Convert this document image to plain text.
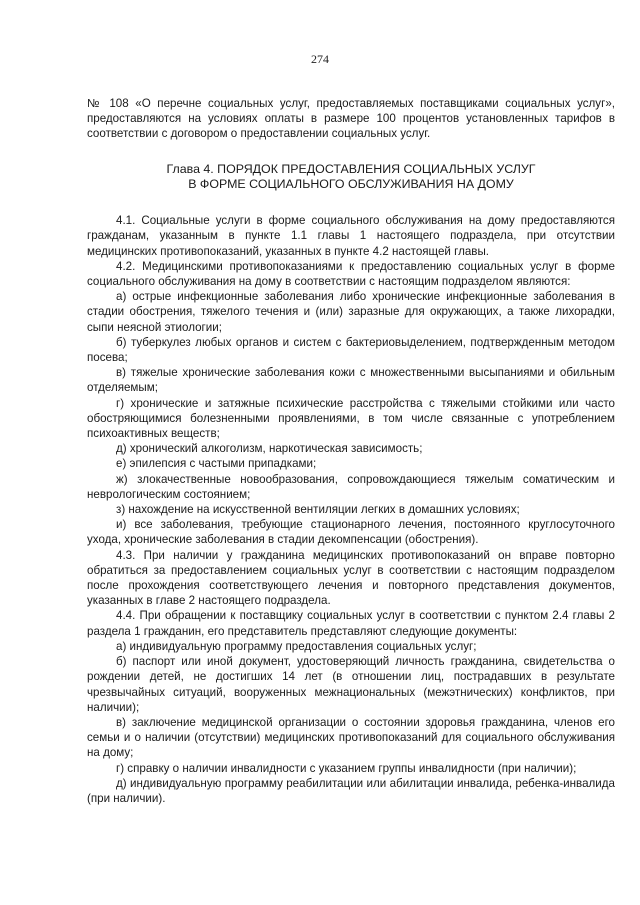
274

№ 108 «О перечне социальных услуг, предоставляемых поставщиками социальных услуг», предоставляются на условиях оплаты в размере 100 процентов установленных тарифов в соответствии с договором о предоставлении социальных услуг.

Глава 4. ПОРЯДОК ПРЕДОСТАВЛЕНИЯ СОЦИАЛЬНЫХ УСЛУГ
В ФОРМЕ СОЦИАЛЬНОГО ОБСЛУЖИВАНИЯ НА ДОМУ

4.1. Социальные услуги в форме социального обслуживания на дому предоставляются гражданам, указанным в пункте 1.1 главы 1 настоящего подраздела, при отсутствии медицинских противопоказаний, указанных в пункте 4.2 настоящей главы.

4.2. Медицинскими противопоказаниями к предоставлению социальных услуг в форме социального обслуживания на дому в соответствии с настоящим подразделом являются:

а) острые инфекционные заболевания либо хронические инфекционные заболевания в стадии обострения, тяжелого течения и (или) заразные для окружающих, а также лихорадки, сыпи неясной этиологии;

б) туберкулез любых органов и систем с бактериовыделением, подтвержденным методом посева;

в) тяжелые хронические заболевания кожи с множественными высыпаниями и обильным отделяемым;

г) хронические и затяжные психические расстройства с тяжелыми стойкими или часто обостряющимися болезненными проявлениями, в том числе связанные с употреблением психоактивных веществ;

д) хронический алкоголизм, наркотическая зависимость;

е) эпилепсия с частыми припадками;

ж) злокачественные новообразования, сопровождающиеся тяжелым соматическим и неврологическим состоянием;

з) нахождение на искусственной вентиляции легких в домашних условиях;

и) все заболевания, требующие стационарного лечения, постоянного круглосуточного ухода, хронические заболевания в стадии декомпенсации (обострения).

4.3. При наличии у гражданина медицинских противопоказаний он вправе повторно обратиться за предоставлением социальных услуг в соответствии с настоящим подразделом после прохождения соответствующего лечения и повторного представления документов, указанных в главе 2 настоящего подраздела.

4.4. При обращении к поставщику социальных услуг в соответствии с пунктом 2.4 главы 2 раздела 1 гражданин, его представитель представляют следующие документы:

а) индивидуальную программу предоставления социальных услуг;

б) паспорт или иной документ, удостоверяющий личность гражданина, свидетельства о рождении детей, не достигших 14 лет (в отношении лиц, пострадавших в результате чрезвычайных ситуаций, вооруженных межнациональных (межэтнических) конфликтов, при наличии);

в) заключение медицинской организации о состоянии здоровья гражданина, членов его семьи и о наличии (отсутствии) медицинских противопоказаний для социального обслуживания на дому;

г) справку о наличии инвалидности с указанием группы инвалидности (при наличии);

д) индивидуальную программу реабилитации или абилитации инвалида, ребенка-инвалида (при наличии).
